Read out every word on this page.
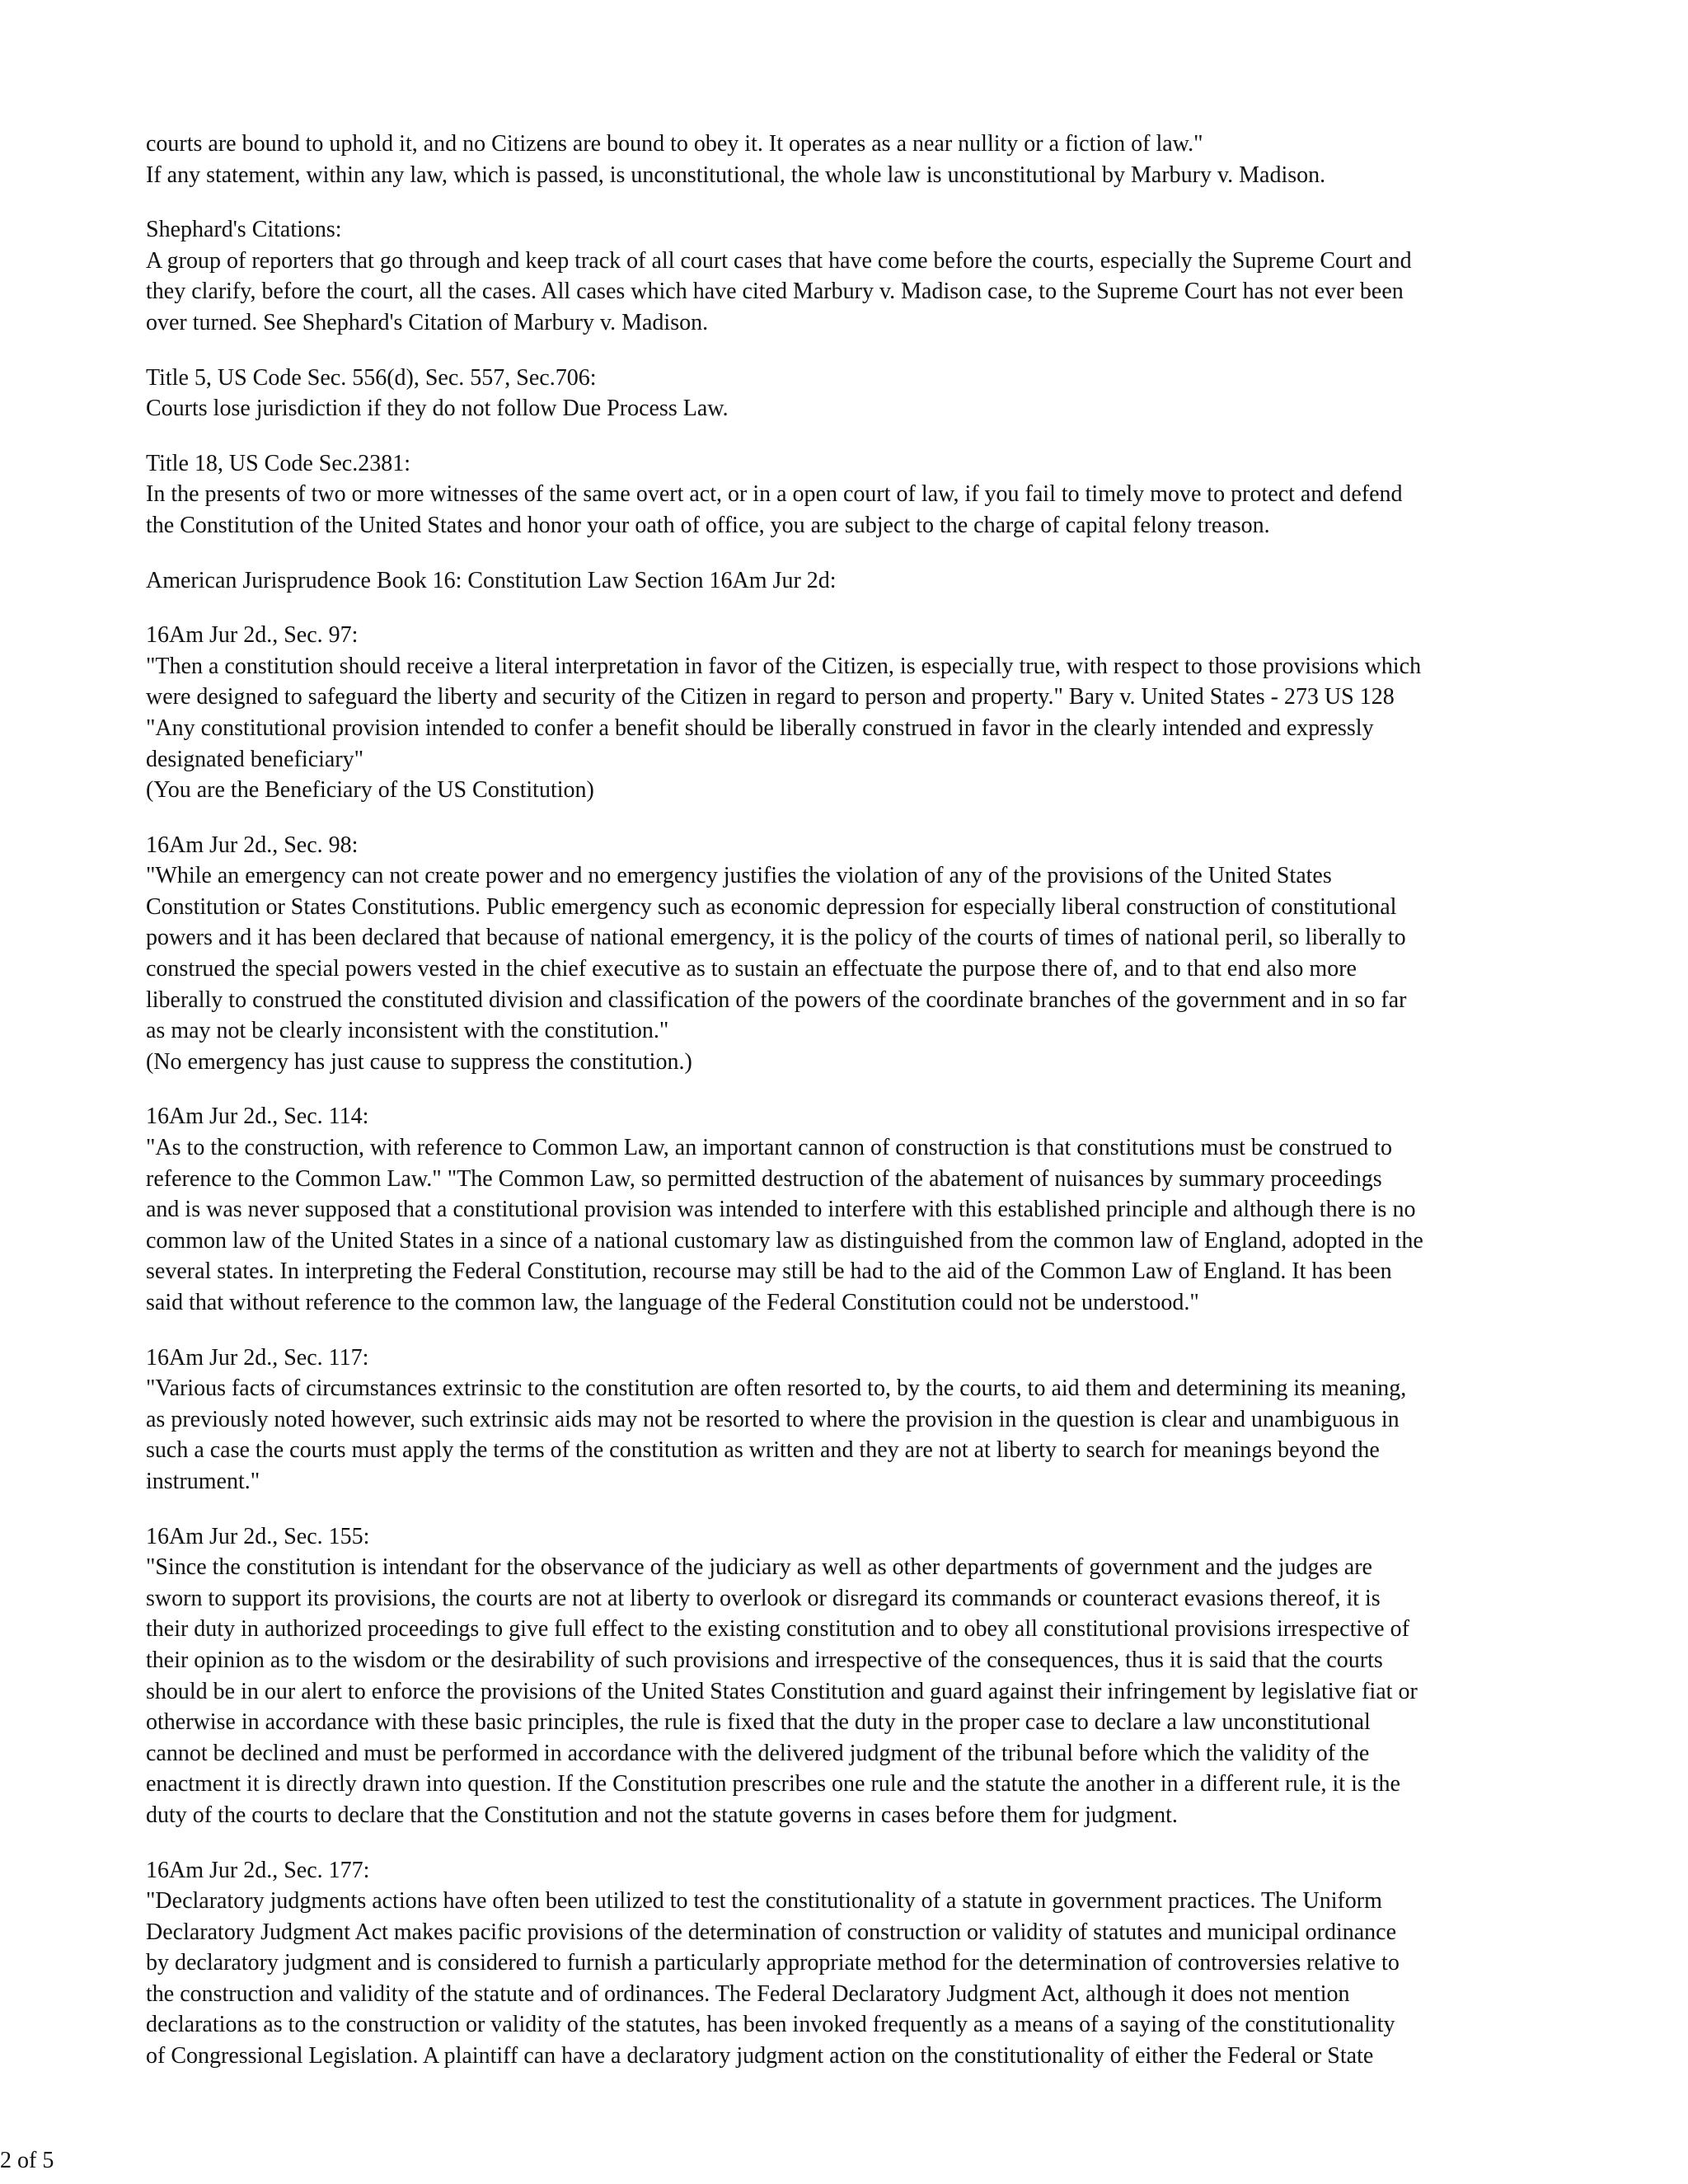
courts are bound to uphold it, and no Citizens are bound to obey it. It operates as a near nullity or a fiction of law."

If any statement, within any law, which is passed, is unconstitutional, the whole law is unconstitutional by Marbury v. Madison.

Shephard's Citations:

A group of reporters that go through and keep track of all court cases that have come before the courts, especially the Supreme Court and

they clarify, before the court, all the cases. All cases which have cited Marbury v. Madison case, to the Supreme Court has not ever been

over turned. See Shephard's Citation of Marbury v. Madison.

Title 5, US Code Sec. 556(d), Sec. 557, Sec.706:

Courts lose jurisdiction if they do not follow Due Process Law.

Title 18, US Code Sec.2381:

In the presents of two or more witnesses of the same overt act, or in a open court of law, if you fail to timely move to protect and defend

the Constitution of the United States and honor your oath of office, you are subject to the charge of capital felony treason.

American Jurisprudence Book 16: Constitution Law Section 16Am Jur 2d:

16Am Jur 2d., Sec. 97:

"Then a constitution should receive a literal interpretation in favor of the Citizen, is especially true, with respect to those provisions which

were designed to safeguard the liberty and security of the Citizen in regard to person and property." Bary v. United States - 273 US 128

"Any constitutional provision intended to confer a benefit should be liberally construed in favor in the clearly intended and expressly

designated beneficiary"

(You are the Beneficiary of the US Constitution)

16Am Jur 2d., Sec. 98:

"While an emergency can not create power and no emergency justifies the violation of any of the provisions of the United States

Constitution or States Constitutions. Public emergency such as economic depression for especially liberal construction of constitutional

powers and it has been declared that because of national emergency, it is the policy of the courts of times of national peril, so liberally to

construed the special powers vested in the chief executive as to sustain an effectuate the purpose there of, and to that end also more

liberally to construed the constituted division and classification of the powers of the coordinate branches of the government and in so far

as may not be clearly inconsistent with the constitution."

(No emergency has just cause to suppress the constitution.)

16Am Jur 2d., Sec. 114:

"As to the construction, with reference to Common Law, an important cannon of construction is that constitutions must be construed to

reference to the Common Law." "The Common Law, so permitted destruction of the abatement of nuisances by summary proceedings

and is was never supposed that a constitutional provision was intended to interfere with this established principle and although there is no

common law of the United States in a since of a national customary law as distinguished from the common law of England, adopted in the

several states. In interpreting the Federal Constitution, recourse may still be had to the aid of the Common Law of England. It has been

said that without reference to the common law, the language of the Federal Constitution could not be understood."

16Am Jur 2d., Sec. 117:

"Various facts of circumstances extrinsic to the constitution are often resorted to, by the courts, to aid them and determining its meaning,

as previously noted however, such extrinsic aids may not be resorted to where the provision in the question is clear and unambiguous in

such a case the courts must apply the terms of the constitution as written and they are not at liberty to search for meanings beyond the

instrument."

16Am Jur 2d., Sec. 155:

"Since the constitution is intendant for the observance of the judiciary as well as other departments of government and the judges are

sworn to support its provisions, the courts are not at liberty to overlook or disregard its commands or counteract evasions thereof, it is

their duty in authorized proceedings to give full effect to the existing constitution and to obey all constitutional provisions irrespective of

their opinion as to the wisdom or the desirability of such provisions and irrespective of the consequences, thus it is said that the courts

should be in our alert to enforce the provisions of the United States Constitution and guard against their infringement by legislative fiat or

otherwise in accordance with these basic principles, the rule is fixed that the duty in the proper case to declare a law unconstitutional

cannot be declined and must be performed in accordance with the delivered judgment of the tribunal before which the validity of the

enactment it is directly drawn into question. If the Constitution prescribes one rule and the statute the another in a different rule, it is the

duty of the courts to declare that the Constitution and not the statute governs in cases before them for judgment.

16Am Jur 2d., Sec. 177:

"Declaratory judgments actions have often been utilized to test the constitutionality of a statute in government practices. The Uniform

Declaratory Judgment Act makes pacific provisions of the determination of construction or validity of statutes and municipal ordinance

by declaratory judgment and is considered to furnish a particularly appropriate method for the determination of controversies relative to

the construction and validity of the statute and of ordinances. The Federal Declaratory Judgment Act, although it does not mention

declarations as to the construction or validity of the statutes, has been invoked frequently as a means of a saying of the constitutionality

of Congressional Legislation. A plaintiff can have a declaratory judgment action on the constitutionality of either the Federal or State

2 of 5
